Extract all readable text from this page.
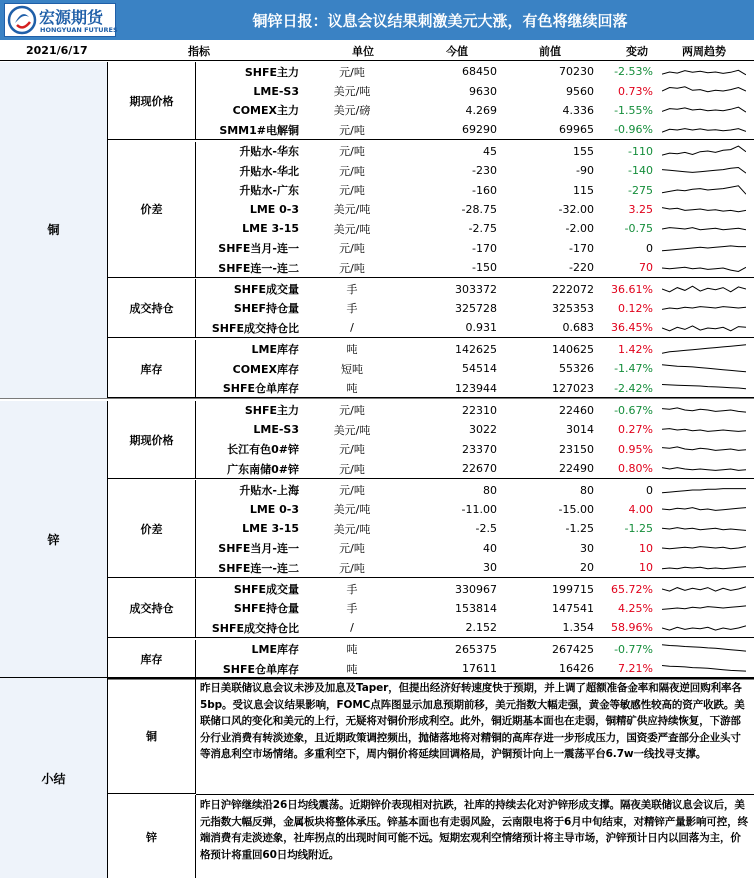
宏源期货
HONGYUAN FUTURES
铜锌日报：议息会议结果刺激美元大涨，有色将继续回落
2021/6/17	指标	单位	今值	前值	变动	两周趋势
SHFE主力	元/吨	68450	70230	-2.53%
LME-S3	美元/吨	9630	9560	0.73%
COMEX主力	美元/磅	4.269	4.336	-1.55%
SMM1#电解铜	元/吨	69290	69965	-0.96%
期现价格
升贴水-华东	元/吨	45	155	-110
升贴水-华北	元/吨	-230	-90	-140
升贴水-广东	元/吨	-160	115	-275
LME 0-3	美元/吨	-28.75	-32.00	3.25
LME 3-15	美元/吨	-2.75	-2.00	-0.75
SHFE当月-连一	元/吨	-170	-170	0
SHFE连一-连二	元/吨	-150	-220	70
价差
SHFE成交量	手	303372	222072	36.61%
SHEF持仓量	手	325728	325353	0.12%
SHFE成交持仓比	/	0.931	0.683	36.45%
成交持仓
LME库存	吨	142625	140625	1.42%
COMEX库存	短吨	54514	55326	-1.47%
SHFE仓单库存	吨	123944	127023	-2.42%
库存
铜
SHFE主力	元/吨	22310	22460	-0.67%
LME-S3	美元/吨	3022	3014	0.27%
长江有色0#锌	元/吨	23370	23150	0.95%
广东南储0#锌	元/吨	22670	22490	0.80%
期现价格
升贴水-上海	元/吨	80	80	0
LME 0-3	美元/吨	-11.00	-15.00	4.00
LME 3-15	美元/吨	-2.5	-1.25	-1.25
SHFE当月-连一	元/吨	40	30	10
SHFE连一-连二	元/吨	30	20	10
价差
SHFE成交量	手	330967	199715	65.72%
SHFE持仓量	手	153814	147541	4.25%
SHFE成交持仓比	/	2.152	1.354	58.96%
成交持仓
LME库存	吨	265375	267425	-0.77%
SHFE仓单库存	吨	17611	16426	7.21%
库存
锌
小结
铜
昨日美联储议息会议未涉及加息及Taper，但提出经济好转速度快于预期，并上调了超额准备金率和隔夜逆回购利率各5bp。受议息会议结果影响，FOMC点阵图显示加息预期前移，美元指数大幅走强，黄金等敏感性较高的资产收跌。美联储口风的变化和美元的上行，无疑将对铜价形成利空。此外，铜近期基本面也在走弱，铜精矿供应持续恢复，下游部分行业消费有转淡迹象，且近期政策调控频出，抛储落地将对精铜的高库存进一步形成压力，国资委严查部分企业头寸等消息利空市场情绪。多重利空下，周内铜价将延续回调格局，沪铜预计向上一震荡平台6.7w一线找寻支撑。
锌
昨日沪锌继续沿26日均线震荡。近期锌价表现相对抗跌，社库的持续去化对沪锌形成支撑。隔夜美联储议息会议后，美元指数大幅反弹，金属板块将整体承压。锌基本面也有走弱风险，云南限电将于6月中旬结束，对精锌产量影响可控，终端消费有走淡迹象，社库拐点的出现时间可能不远。短期宏观利空情绪预计将主导市场，沪锌预计日内以回落为主，价格预计将重回60日均线附近。
